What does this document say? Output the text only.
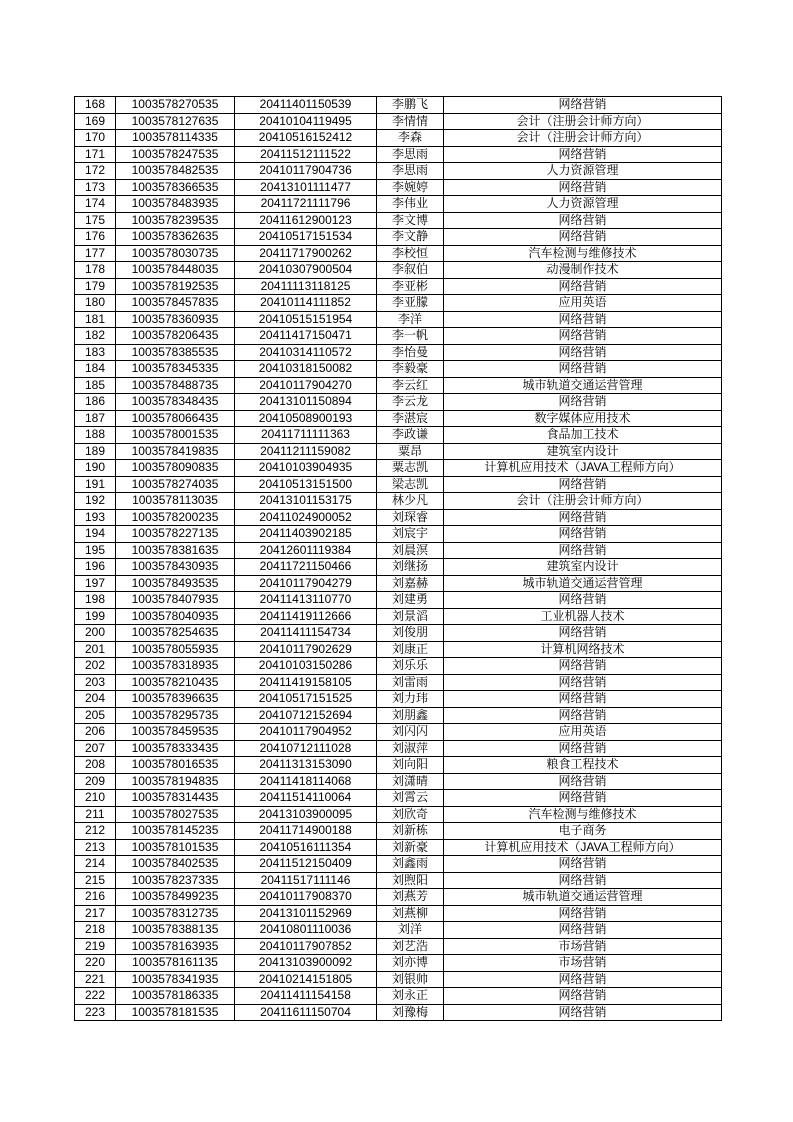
168	1003578270535	20411401150539	李鹏飞	网络营销
169	1003578127635	20410104119495	李情情	会计（注册会计师方向）
170	1003578114335	20410516152412	李森	会计（注册会计师方向）
171	1003578247535	20411512111522	李思雨	网络营销
172	1003578482535	20410117904736	李思雨	人力资源管理
173	1003578366535	20413101111477	李婉婷	网络营销
174	1003578483935	20411721111796	李伟业	人力资源管理
175	1003578239535	20411612900123	李文博	网络营销
176	1003578362635	20410517151534	李文静	网络营销
177	1003578030735	20411717900262	李校恒	汽车检测与维修技术
178	1003578448035	20410307900504	李叙伯	动漫制作技术
179	1003578192535	20411113118125	李亚彬	网络营销
180	1003578457835	20410114111852	李亚朦	应用英语
181	1003578360935	20410515151954	李洋	网络营销
182	1003578206435	20411417150471	李一帆	网络营销
183	1003578385535	20410314110572	李怡曼	网络营销
184	1003578345335	20410318150082	李毅豪	网络营销
185	1003578488735	20410117904270	李云红	城市轨道交通运营管理
186	1003578348435	20413101150894	李云龙	网络营销
187	1003578066435	20410508900193	李湛宸	数字媒体应用技术
188	1003578001535	20411711111363	李政谦	食品加工技术
189	1003578419835	20411211159082	粟昂	建筑室内设计
190	1003578090835	20410103904935	粟志凯	计算机应用技术（JAVA工程师方向）
191	1003578274035	20410513151500	梁志凯	网络营销
192	1003578113035	20413101153175	林少凡	会计（注册会计师方向）
193	1003578200235	20411024900052	刘琛睿	网络营销
194	1003578227135	20411403902185	刘宸宇	网络营销
195	1003578381635	20412601119384	刘晨溟	网络营销
196	1003578430935	20411721150466	刘继扬	建筑室内设计
197	1003578493535	20410117904279	刘嘉赫	城市轨道交通运营管理
198	1003578407935	20411413110770	刘建勇	网络营销
199	1003578040935	20411419112666	刘景滔	工业机器人技术
200	1003578254635	20411411154734	刘俊朋	网络营销
201	1003578055935	20410117902629	刘康正	计算机网络技术
202	1003578318935	20410103150286	刘乐乐	网络营销
203	1003578210435	20411419158105	刘雷雨	网络营销
204	1003578396635	20410517151525	刘力玮	网络营销
205	1003578295735	20410712152694	刘朋鑫	网络营销
206	1003578459535	20410117904952	刘闪闪	应用英语
207	1003578333435	20410712111028	刘淑萍	网络营销
208	1003578016535	20411313153090	刘向阳	粮食工程技术
209	1003578194835	20411418114068	刘潇晴	网络营销
210	1003578314435	20411514110064	刘霄云	网络营销
211	1003578027535	20413103900095	刘欣奇	汽车检测与维修技术
212	1003578145235	20411714900188	刘新栋	电子商务
213	1003578101535	20410516111354	刘新豪	计算机应用技术（JAVA工程师方向）
214	1003578402535	20411512150409	刘鑫雨	网络营销
215	1003578237335	20411517111146	刘煦阳	网络营销
216	1003578499235	20410117908370	刘燕芳	城市轨道交通运营管理
217	1003578312735	20413101152969	刘燕柳	网络营销
218	1003578388135	20410801110036	刘洋	网络营销
219	1003578163935	20410117907852	刘艺浩	市场营销
220	1003578161135	20413103900092	刘亦博	市场营销
221	1003578341935	20410214151805	刘银帅	网络营销
222	1003578186335	20411411154158	刘永正	网络营销
223	1003578181535	20411611150704	刘豫梅	网络营销
